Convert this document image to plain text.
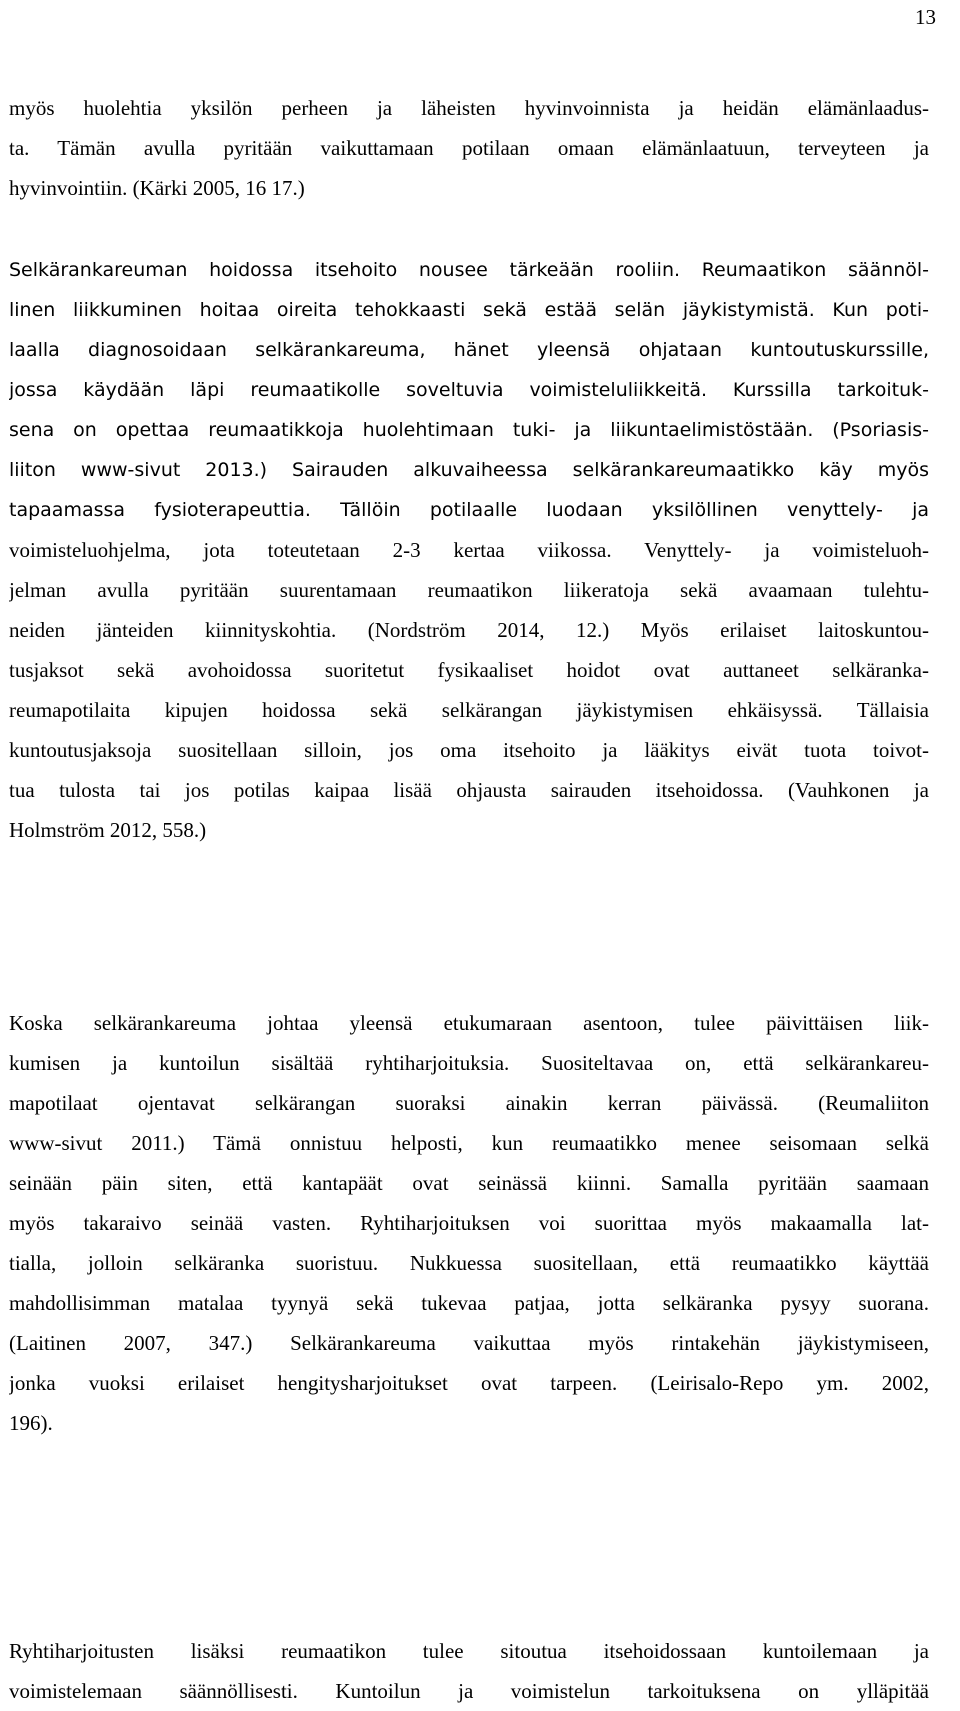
13
myös huolehtia yksilön perheen ja läheisten hyvinvoinnista ja heidän elämänlaadus-
ta. Tämän avulla pyritään vaikuttamaan potilaan omaan elämänlaatuun, terveyteen ja
hyvinvointiin. (Kärki 2005, 16 17.)
Selkärankareuman hoidossa itsehoito nousee tärkeään rooliin. Reumaatikon säännöl-
linen liikkuminen hoitaa oireita tehokkaasti sekä estää selän jäykistymistä. Kun poti-
laalla diagnosoidaan selkärankareuma, hänet yleensä ohjataan kuntoutuskurssille,
jossa käydään läpi reumaatikolle soveltuvia voimisteluliikkeitä. Kurssilla tarkoituk-
sena on opettaa reumaatikkoja huolehtimaan tuki- ja liikuntaelimistöstään. (Psoriasis-
liiton www-sivut 2013.) Sairauden alkuvaiheessa selkärankareumaatikko käy myös
tapaamassa fysioterapeuttia. Tällöin potilaalle luodaan yksilöllinen venyttely- ja
voimisteluohjelma, jota toteutetaan 2-3 kertaa viikossa. Venyttely- ja voimisteluoh-
jelman avulla pyritään suurentamaan reumaatikon liikeratoja sekä avaamaan tulehtu-
neiden jänteiden kiinnityskohtia. (Nordström 2014, 12.) Myös erilaiset laitoskuntou-
tusjaksot sekä avohoidossa suoritetut fysikaaliset hoidot ovat auttaneet selkärankа-
reumapotilaita kipujen hoidossa sekä selkärangan jäykistymisen ehkäisyssä. Tällaisia
kuntoutusjaksoja suositellaan silloin, jos oma itsehoito ja lääkitys eivät tuota toivot-
tua tulosta tai jos potilas kaipaa lisää ohjausta sairauden itsehoidossa. (Vauhkonen ja
Holmström 2012, 558.)
Koska selkärankareuma johtaa yleensä etukumaraan asentoon, tulee päivittäisen liik-
kumisen ja kuntoilun sisältää ryhtiharjoituksia. Suositeltavaa on, että selkärankareu-
mapotilaat ojentavat selkärangan suoraksi ainakin kerran päivässä. (Reumaliiton
www-sivut 2011.) Tämä onnistuu helposti, kun reumaatikko menee seisomaan selkä
seinään päin siten, että kantapäät ovat seinässä kiinni. Samalla pyritään saamaan
myös takaraivo seinää vasten. Ryhtiharjoituksen voi suorittaa myös makaamalla lat-
tialla, jolloin selkäranka suoristuu. Nukkuessa suositellaan, että reumaatikko käyttää
mahdollisimman matalaa tyynyä sekä tukevaa patjaa, jotta selkäranka pysyy suorana.
(Laitinen 2007, 347.) Selkärankareuma vaikuttaa myös rintakehän jäykistymiseen,
jonka vuoksi erilaiset hengitysharjoitukset ovat tarpeen. (Leirisalo-Repo ym. 2002,
196).
Ryhtiharjoitusten lisäksi reumaatikon tulee sitoutua itsehoidossaan kuntoilemaan ja
voimistelemaan säännöllisesti. Kuntoilun ja voimistelun tarkoituksena on ylläpitää
